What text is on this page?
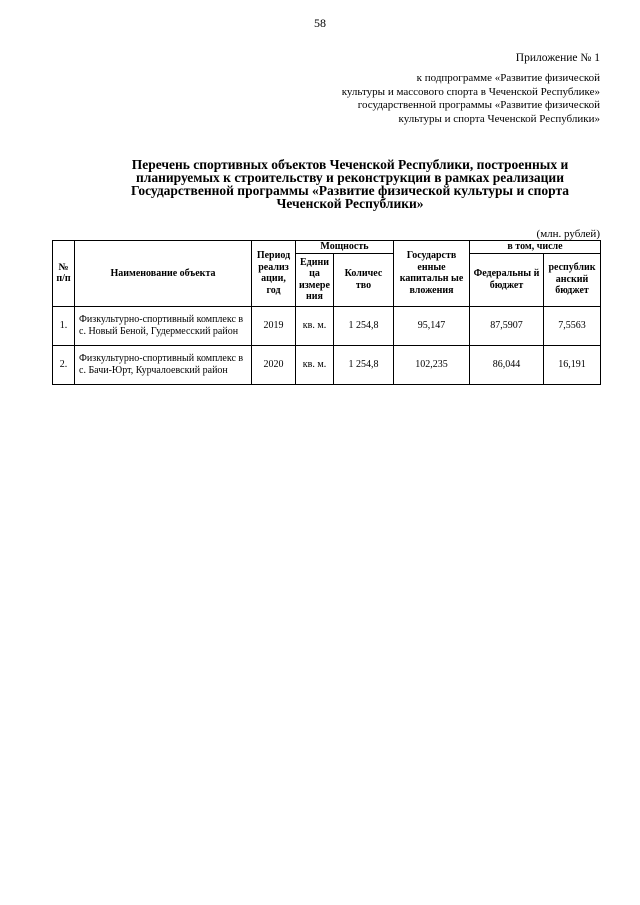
58
Приложение № 1
к подпрограмме «Развитие физической
культуры и массового спорта в Чеченской Республике»
государственной программы «Развитие физической
культуры и спорта Чеченской Республики»
Перечень спортивных объектов Чеченской Республики, построенных и
планируемых к строительству и реконструкции в рамках реализации
Государственной программы «Развитие физической культуры и спорта
Чеченской Республики»
(млн. рублей)
№ п/п	Наименование объекта	Период реализ ации, год	Мощность		Государств енные капитальн ые вложения	в том, числе	
			Едини ца измере ния	Количес тво		Федеральны й бюджет	республик анский бюджет
1.	Физкультурно-спортивный комплекс в с. Новый Беной, Гудермесский район	2019	кв. м.	1 254,8	95,147	87,5907	7,5563
2.	Физкультурно-спортивный комплекс в с. Бачи-Юрт, Курчалоевский район	2020	кв. м.	1 254,8	102,235	86,044	16,191
